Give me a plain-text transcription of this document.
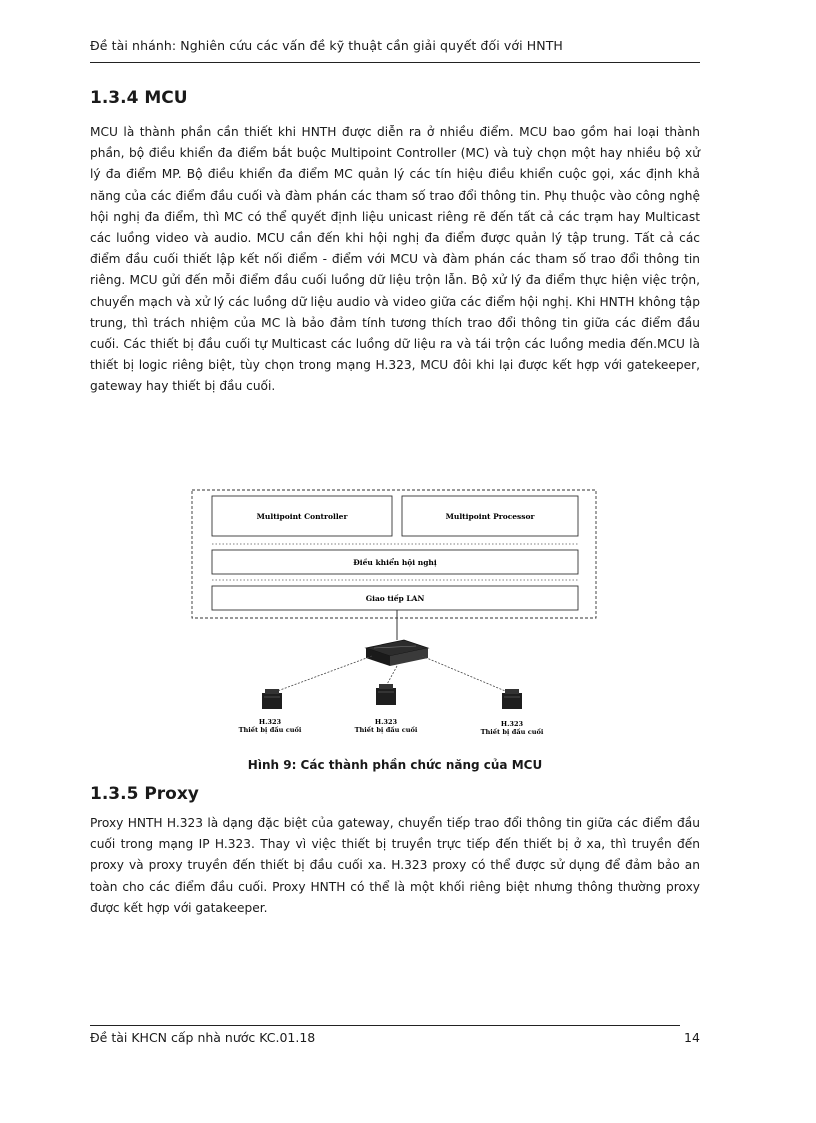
Đề tài nhánh: Nghiên cứu các vấn đề kỹ thuật cần giải quyết đối với HNTH
1.3.4 MCU
MCU là thành phần cần thiết khi HNTH được diễn ra ở nhiều điểm. MCU bao gồm hai loại thành phần, bộ điều khiển đa điểm bắt buộc Multipoint Controller (MC) và tuỳ chọn một hay nhiều bộ xử lý đa điểm MP. Bộ điều khiển đa điểm MC quản lý các tín hiệu điều khiển cuộc gọi, xác định khả năng của các điểm đầu cuối và đàm phán các tham số trao đổi thông tin. Phụ thuộc vào công nghệ hội nghị đa điểm, thì MC có thể quyết định liệu unicast riêng rẽ đến tất cả các trạm hay Multicast các luồng video và audio. MCU cần đến khi hội nghị đa điểm được quản lý tập trung. Tất cả các điểm đầu cuối thiết lập kết nối điểm - điểm với MCU và đàm phán các tham số trao đổi thông tin riêng. MCU gửi đến mỗi điểm đầu cuối luồng dữ liệu trộn lẫn. Bộ xử lý đa điểm thực hiện việc trộn, chuyển mạch và xử lý các luồng dữ liệu audio và video giữa các điểm hội nghị. Khi HNTH không tập trung, thì trách nhiệm của MC là bảo đảm tính tương thích trao đổi thông tin giữa các điểm đầu cuối. Các thiết bị đầu cuối tự Multicast các luồng dữ liệu ra và tái trộn các luồng media đến.MCU là thiết bị logic riêng biệt, tùy chọn trong mạng H.323, MCU đôi khi lại được kết hợp với gatekeeper, gateway hay thiết bị đầu cuối.
Multipoint Controller	Multipoint Processor
Điều khiển hội nghị
Giao tiếp LAN
H.323
Thiết bị đầu cuối
H.323
Thiết bị đầu cuối
H.323
Thiết bị đầu cuối
Hình 9: Các thành phần chức năng của MCU
1.3.5 Proxy
Proxy HNTH H.323 là dạng đặc biệt của gateway, chuyển tiếp trao đổi thông tin giữa các điểm đầu cuối trong mạng IP H.323. Thay vì việc thiết bị truyền trực tiếp đến thiết bị ở xa, thì truyền đến proxy và proxy truyền đến thiết bị đầu cuối xa. H.323 proxy có thể được sử dụng để đảm bảo an toàn cho các điểm đầu cuối. Proxy HNTH có thể là một khối riêng biệt nhưng thông thường proxy được kết hợp với gatakeeper.
Đề tài KHCN cấp nhà nước KC.01.18	14
